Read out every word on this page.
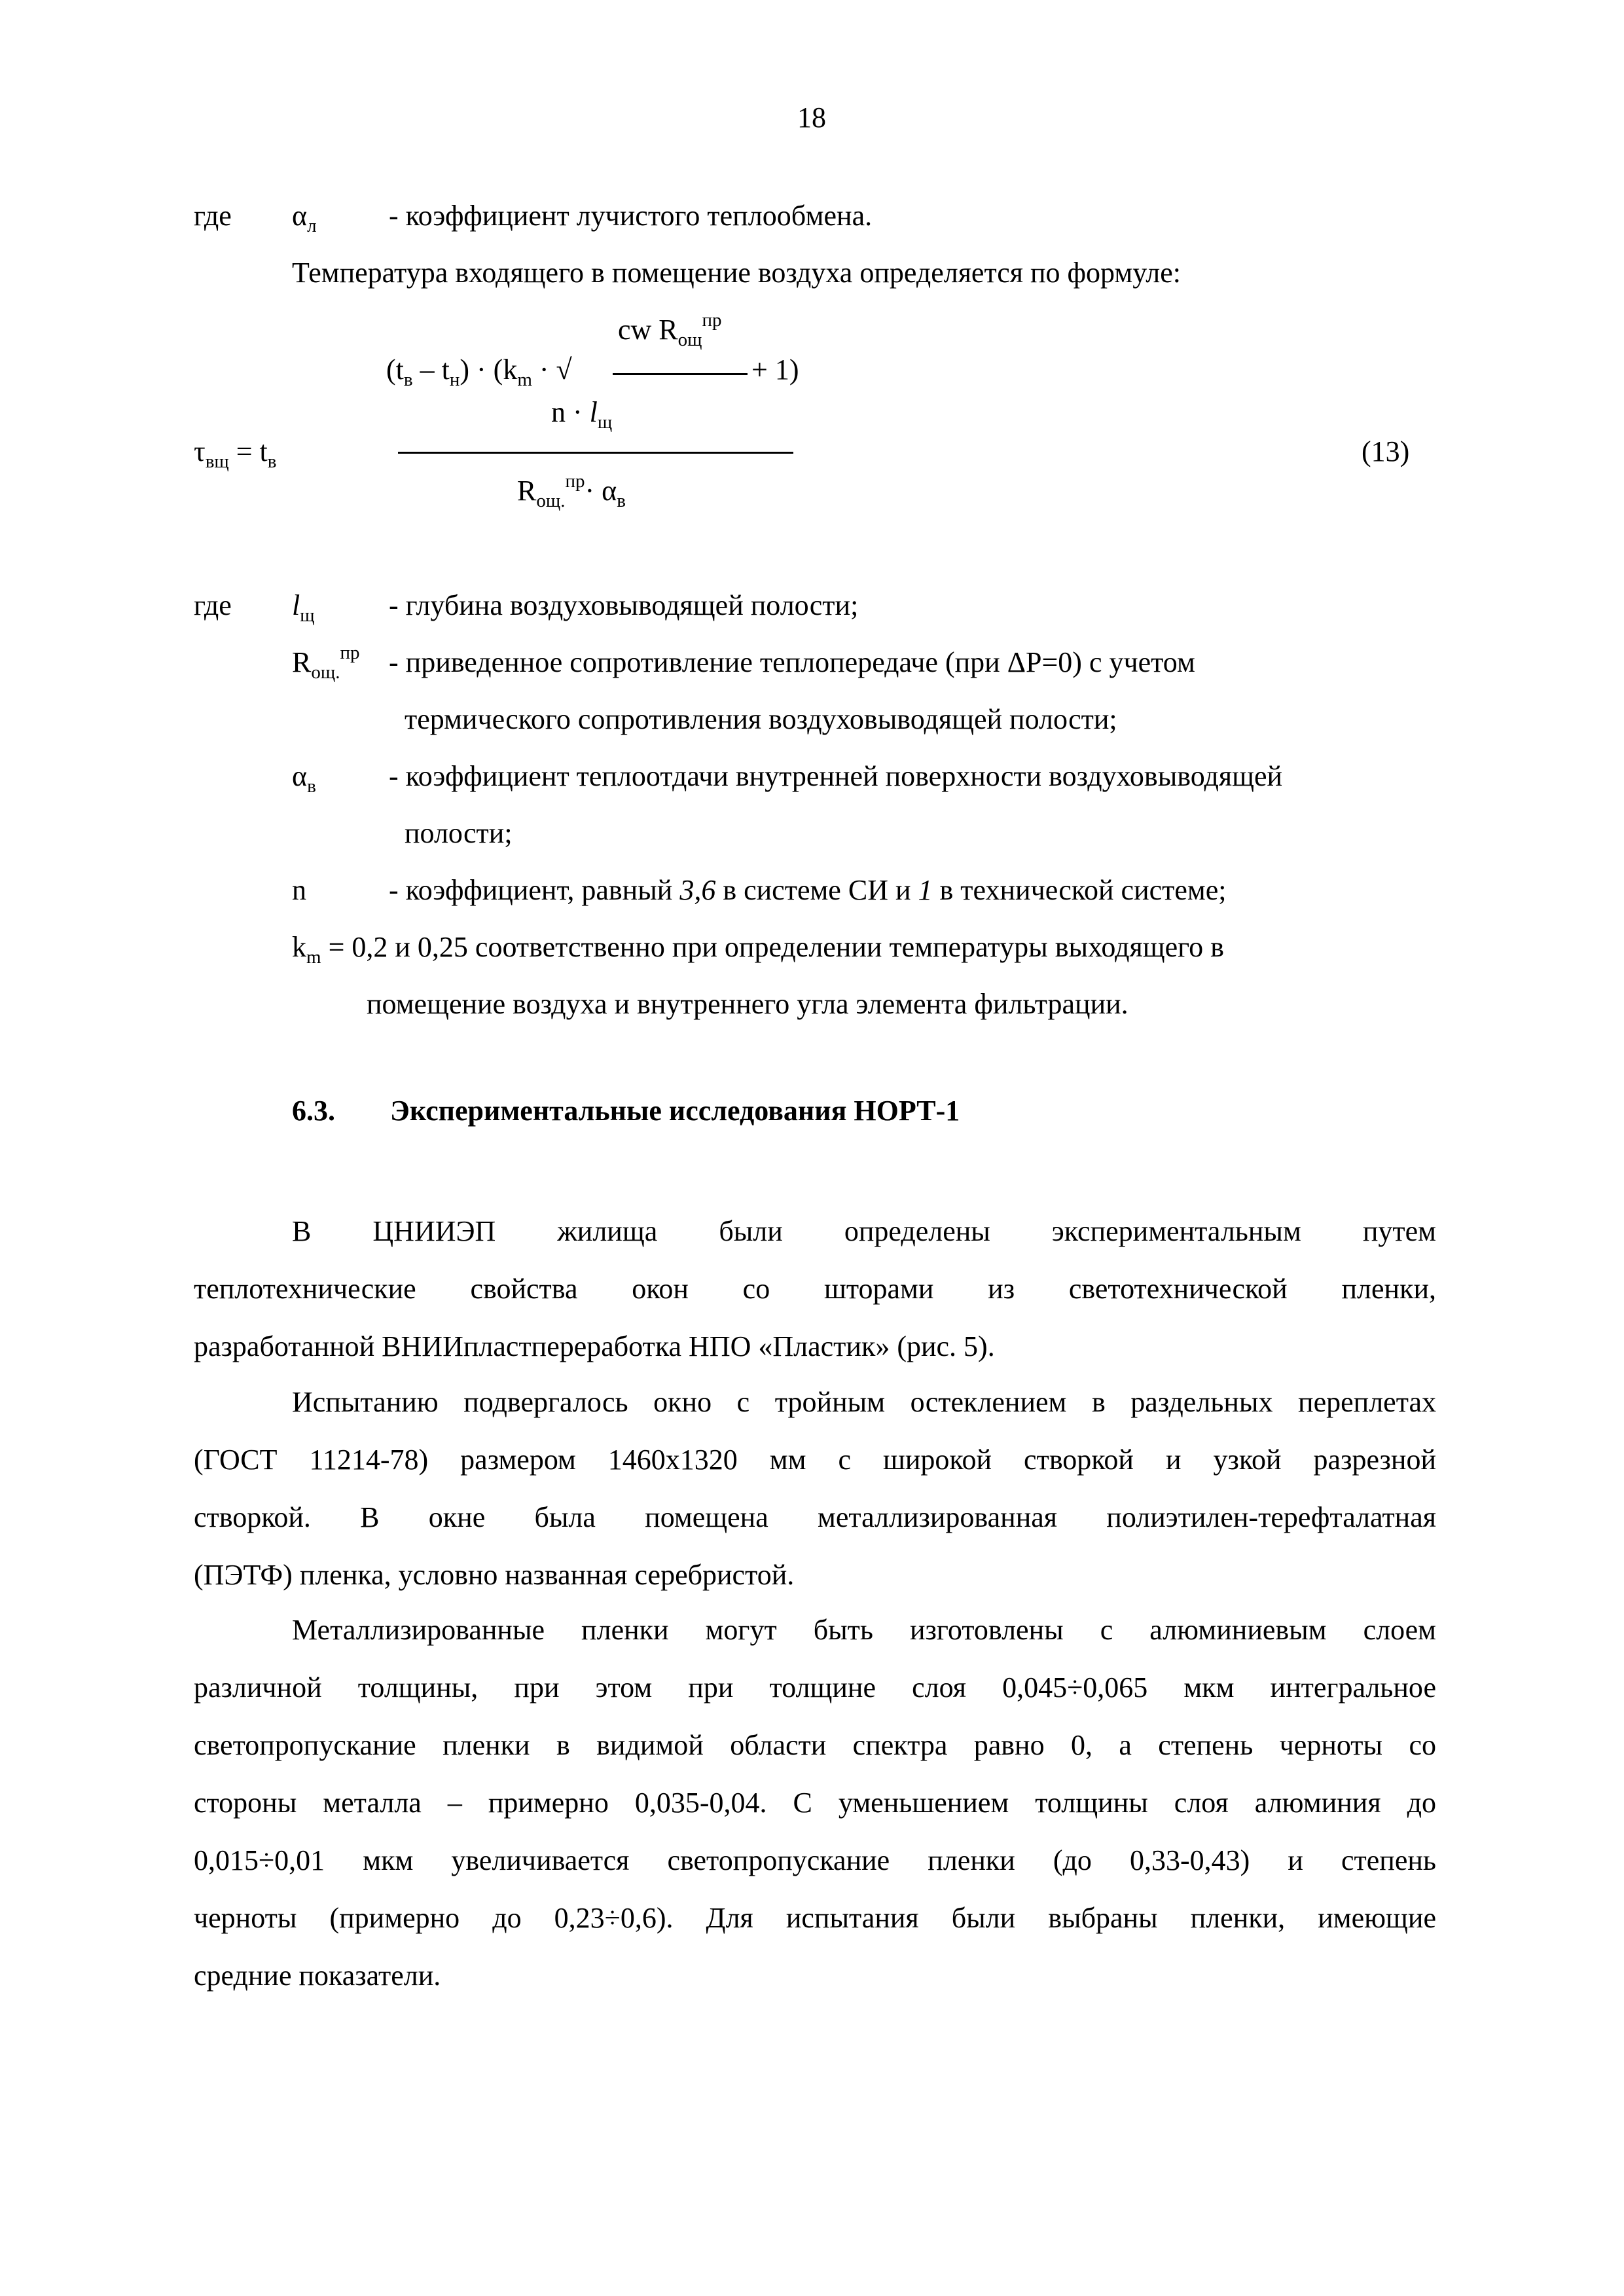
18
где $\alpha_л$	- коэффициент лучистого теплообмена.
Температура входящего в помещение воздуха определяется по формуле:
cw $R_{ощ}^{пр}$
$(t_в - t_н) \cdot (k_m$ · √	+ 1)
$n \cdot l_щ$
$\tau_{вщ} = t_в$	(13)
$R_{ощ.}^{пр}\cdot \alpha_в$
где $l_щ$	- глубина воздуховыводящей полости;
$R_{ощ.}^{пр}$ - приведенное сопротивление теплопередаче (при ΔP=0) с учетом
термического сопротивления воздуховыводящей полости;
$\alpha_в$	- коэффициент теплоотдачи внутренней поверхности воздуховыводящей
полости;
n	- коэффициент, равный 3,6 в системе СИ и 1 в технической системе;
$k_m = 0,2$ и 0,25 соответственно при определении температуры выходящего в
помещение воздуха и внутреннего угла элемента фильтрации.
6.3. Экспериментальные исследования НОРТ-1
В ЦНИИЭП жилища были определены экспериментальным путем
теплотехнические свойства окон со шторами из светотехнической пленки,
разработанной ВНИИпластпереработка НПО «Пластик» (рис. 5).
Испытанию подвергалось окно с тройным остеклением в раздельных переплетах
(ГОСТ 11214-78) размером 1460х1320 мм с широкой створкой и узкой разрезной
створкой. В окне была помещена металлизированная полиэтилен-терефталатная
(ПЭТФ) пленка, условно названная серебристой.
Металлизированные пленки могут быть изготовлены с алюминиевым слоем
различной толщины, при этом при толщине слоя 0,045÷0,065 мкм интегральное
светопропускание пленки в видимой области спектра равно 0, а степень черноты со
стороны металла – примерно 0,035-0,04. С уменьшением толщины слоя алюминия до
0,015÷0,01 мкм увеличивается светопропускание пленки (до 0,33-0,43) и степень
черноты (примерно до 0,23÷0,6). Для испытания были выбраны пленки, имеющие
средние показатели.
